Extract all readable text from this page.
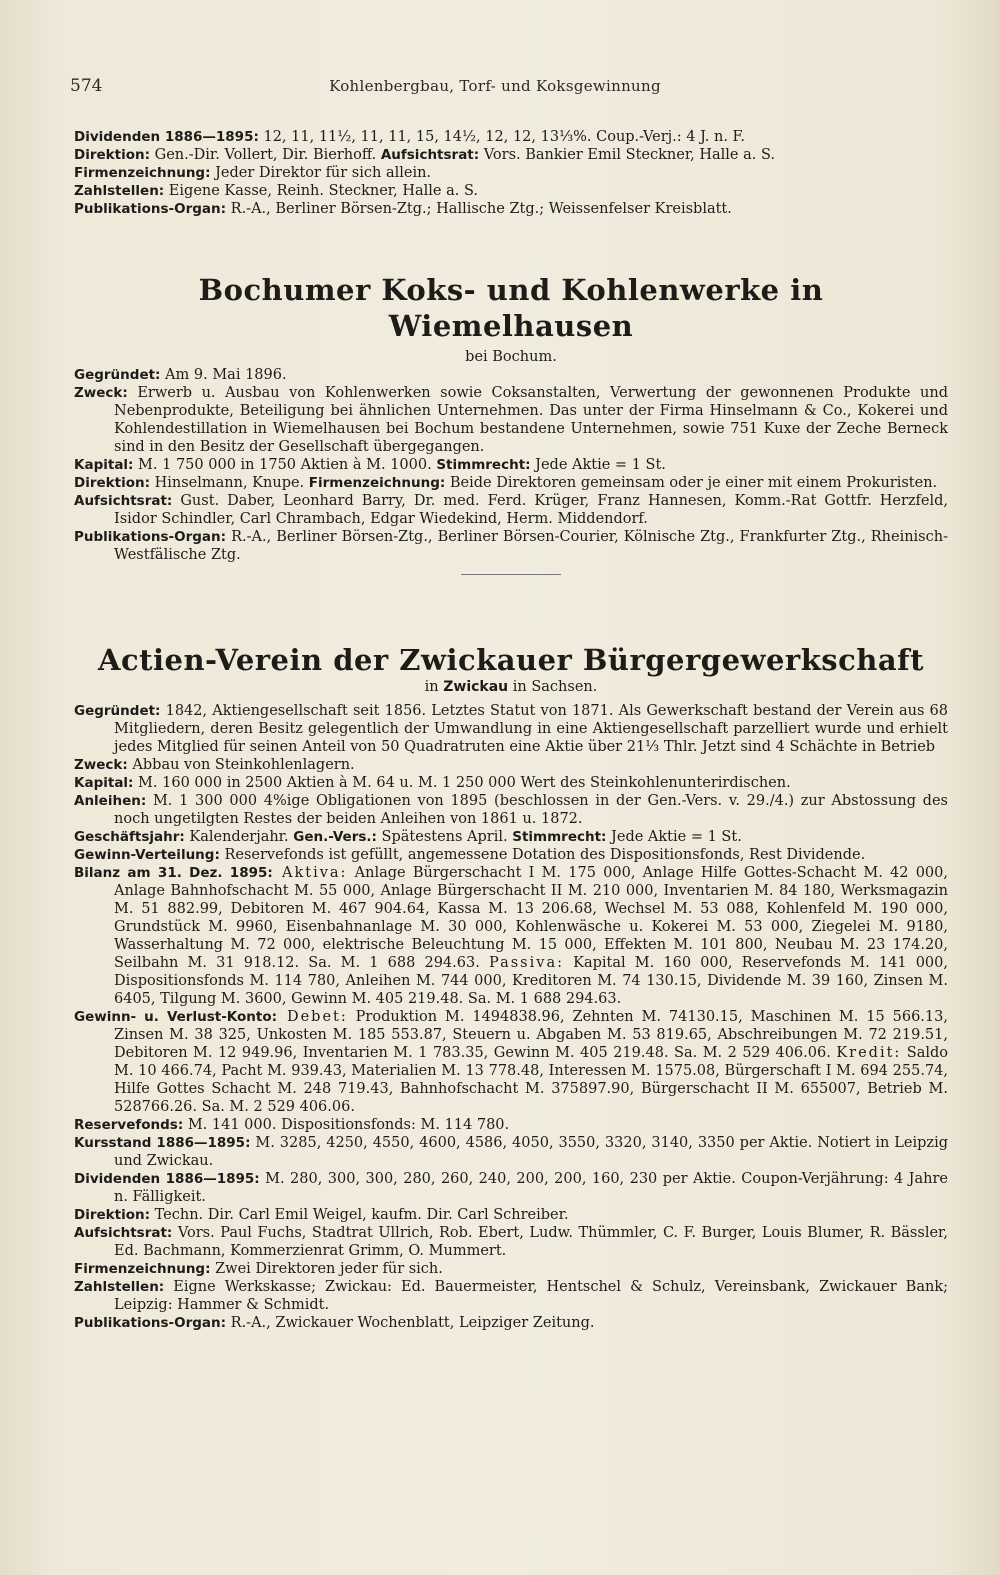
574	Kohlenbergbau, Torf- und Koksgewinnung

Dividenden 1886—1895: 12, 11, 11½, 11, 11, 15, 14½, 12, 12, 13⅓%. Coup.-Verj.: 4 J. n. F.

Direktion: Gen.-Dir. Vollert, Dir. Bierhoff. Aufsichtsrat: Vors. Bankier Emil Steckner, Halle a. S.

Firmenzeichnung: Jeder Direktor für sich allein.

Zahlstellen: Eigene Kasse, Reinh. Steckner, Halle a. S.

Publikations-Organ: R.-A., Berliner Börsen-Ztg.; Hallische Ztg.; Weissenfelser Kreisblatt.

Bochumer Koks- und Kohlenwerke in Wiemelhausen

bei Bochum.

Gegründet: Am 9. Mai 1896.

Zweck: Erwerb u. Ausbau von Kohlenwerken sowie Coksanstalten, Verwertung der gewonnenen Produkte und Nebenprodukte, Beteiligung bei ähnlichen Unternehmen. Das unter der Firma Hinselmann & Co., Kokerei und Kohlendestillation in Wiemelhausen bei Bochum bestandene Unternehmen, sowie 751 Kuxe der Zeche Berneck sind in den Besitz der Gesellschaft übergegangen.

Kapital: M. 1 750 000 in 1750 Aktien à M. 1000. Stimmrecht: Jede Aktie = 1 St.

Direktion: Hinselmann, Knupe. Firmenzeichnung: Beide Direktoren gemeinsam oder je einer mit einem Prokuristen.

Aufsichtsrat: Gust. Daber, Leonhard Barry, Dr. med. Ferd. Krüger, Franz Hannesen, Komm.-Rat Gottfr. Herzfeld, Isidor Schindler, Carl Chrambach, Edgar Wiedekind, Herm. Middendorf.

Publikations-Organ: R.-A., Berliner Börsen-Ztg., Berliner Börsen-Courier, Kölnische Ztg., Frankfurter Ztg., Rheinisch-Westfälische Ztg.

Actien-Verein der Zwickauer Bürgergewerkschaft

in Zwickau in Sachsen.

Gegründet: 1842, Aktiengesellschaft seit 1856. Letztes Statut von 1871. Als Gewerkschaft bestand der Verein aus 68 Mitgliedern, deren Besitz gelegentlich der Umwandlung in eine Aktiengesellschaft parzelliert wurde und erhielt jedes Mitglied für seinen Anteil von 50 Quadratruten eine Aktie über 21⅓ Thlr. Jetzt sind 4 Schächte in Betrieb

Zweck: Abbau von Steinkohlenlagern.

Kapital: M. 160 000 in 2500 Aktien à M. 64 u. M. 1 250 000 Wert des Steinkohlenunterirdischen.

Anleihen: M. 1 300 000 4%ige Obligationen von 1895 (beschlossen in der Gen.-Vers. v. 29./4.) zur Abstossung des noch ungetilgten Restes der beiden Anleihen von 1861 u. 1872.

Geschäftsjahr: Kalenderjahr. Gen.-Vers.: Spätestens April. Stimmrecht: Jede Aktie = 1 St.

Gewinn-Verteilung: Reservefonds ist gefüllt, angemessene Dotation des Dispositionsfonds, Rest Dividende.

Bilanz am 31. Dez. 1895: Aktiva: Anlage Bürgerschacht I M. 175 000, Anlage Hilfe Gottes-Schacht M. 42 000, Anlage Bahnhofschacht M. 55 000, Anlage Bürgerschacht II M. 210 000, Inventarien M. 84 180, Werksmagazin M. 51 882.99, Debitoren M. 467 904.64, Kassa M. 13 206.68, Wechsel M. 53 088, Kohlenfeld M. 190 000, Grundstück M. 9960, Eisenbahnanlage M. 30 000, Kohlenwäsche u. Kokerei M. 53 000, Ziegelei M. 9180, Wasserhaltung M. 72 000, elektrische Beleuchtung M. 15 000, Effekten M. 101 800, Neubau M. 23 174.20, Seilbahn M. 31 918.12. Sa. M. 1 688 294.63. Passiva: Kapital M. 160 000, Reservefonds M. 141 000, Dispositionsfonds M. 114 780, Anleihen M. 744 000, Kreditoren M. 74 130.15, Dividende M. 39 160, Zinsen M. 6405, Tilgung M. 3600, Gewinn M. 405 219.48. Sa. M. 1 688 294.63.

Gewinn- u. Verlust-Konto: Debet: Produktion M. 1494838.96, Zehnten M. 74130.15, Maschinen M. 15 566.13, Zinsen M. 38 325, Unkosten M. 185 553.87, Steuern u. Abgaben M. 53 819.65, Abschreibungen M. 72 219.51, Debitoren M. 12 949.96, Inventarien M. 1 783.35, Gewinn M. 405 219.48. Sa. M. 2 529 406.06. Kredit: Saldo M. 10 466.74, Pacht M. 939.43, Materialien M. 13 778.48, Interessen M. 1575.08, Bürgerschaft I M. 694 255.74, Hilfe Gottes Schacht M. 248 719.43, Bahnhofschacht M. 375897.90, Bürgerschacht II M. 655007, Betrieb M. 528766.26. Sa. M. 2 529 406.06.

Reservefonds: M. 141 000. Dispositionsfonds: M. 114 780.

Kursstand 1886—1895: M. 3285, 4250, 4550, 4600, 4586, 4050, 3550, 3320, 3140, 3350 per Aktie. Notiert in Leipzig und Zwickau.

Dividenden 1886—1895: M. 280, 300, 300, 280, 260, 240, 200, 200, 160, 230 per Aktie. Coupon-Verjährung: 4 Jahre n. Fälligkeit.

Direktion: Techn. Dir. Carl Emil Weigel, kaufm. Dir. Carl Schreiber.

Aufsichtsrat: Vors. Paul Fuchs, Stadtrat Ullrich, Rob. Ebert, Ludw. Thümmler, C. F. Burger, Louis Blumer, R. Bässler, Ed. Bachmann, Kommerzienrat Grimm, O. Mummert.

Firmenzeichnung: Zwei Direktoren jeder für sich.

Zahlstellen: Eigne Werkskasse; Zwickau: Ed. Bauermeister, Hentschel & Schulz, Vereinsbank, Zwickauer Bank; Leipzig: Hammer & Schmidt.

Publikations-Organ: R.-A., Zwickauer Wochenblatt, Leipziger Zeitung.
